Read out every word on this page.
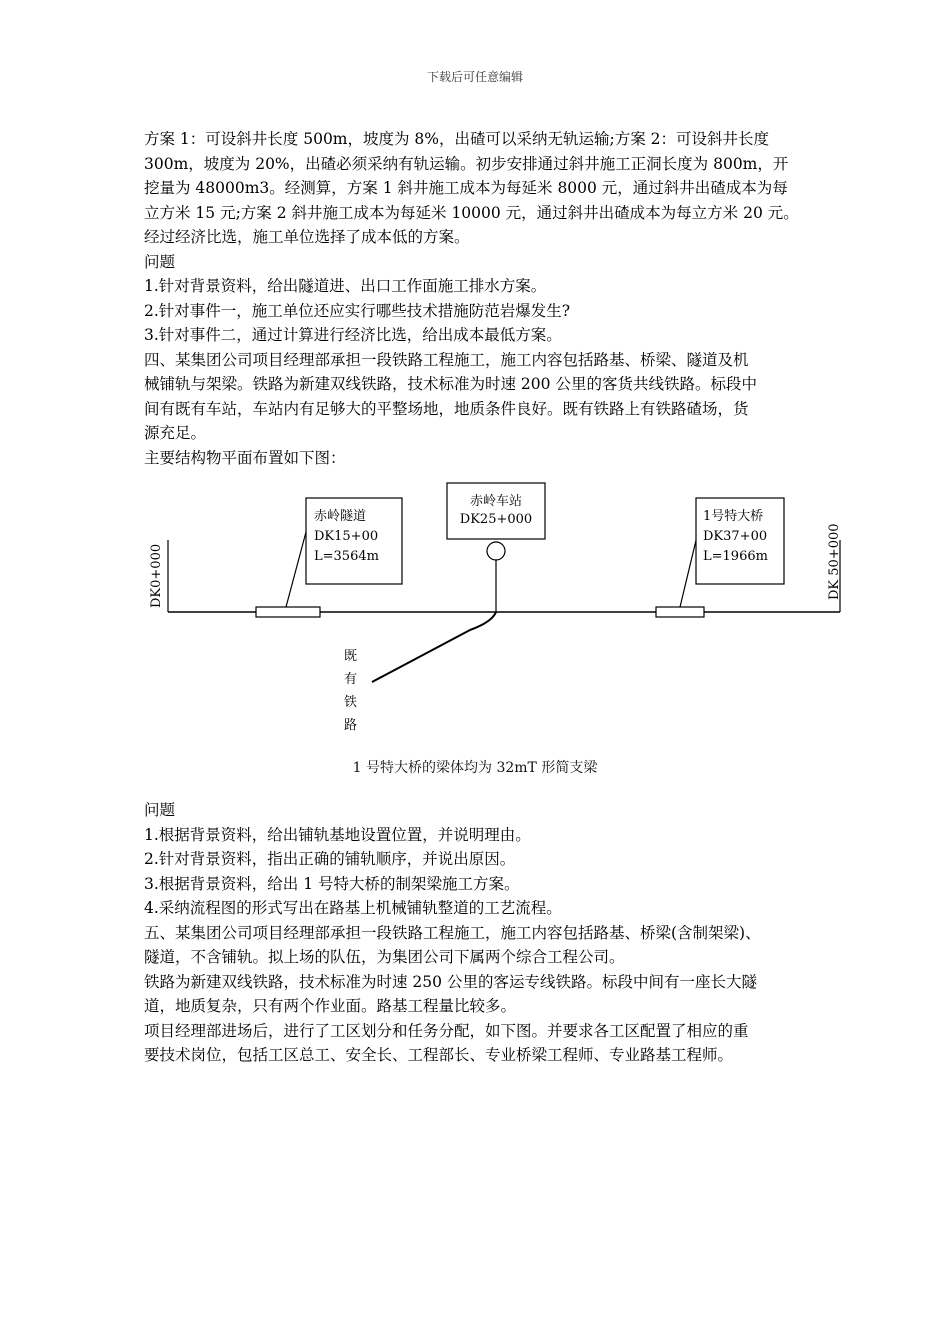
下载后可任意编辑

方案 1：可设斜井长度 500m，坡度为 8%，出碴可以采纳无轨运输;方案 2：可设斜井长度

300m，坡度为 20%，出碴必须采纳有轨运输。初步安排通过斜井施工正洞长度为 800m，开

挖量为 48000m3。经测算，方案 1 斜井施工成本为每延米 8000 元，通过斜井出碴成本为每

立方米 15 元;方案 2 斜井施工成本为每延米 10000 元，通过斜井出碴成本为每立方米 20 元。

经过经济比选，施工单位选择了成本低的方案。

问题

1.针对背景资料，给出隧道进、出口工作面施工排水方案。

2.针对事件一，施工单位还应实行哪些技术措施防范岩爆发生?

3.针对事件二，通过计算进行经济比选，给出成本最低方案。

四、某集团公司项目经理部承担一段铁路工程施工，施工内容包括路基、桥梁、隧道及机

械铺轨与架梁。铁路为新建双线铁路，技术标准为时速 200 公里的客货共线铁路。标段中

间有既有车站，车站内有足够大的平整场地，地质条件良好。既有铁路上有铁路碴场，货

源充足。

主要结构物平面布置如下图：

DK0+000	DK 50+000
赤岭隧道
DK15+00
L=3564m
赤岭车站
DK25+000
既
有
铁
路
1号特大桥
DK37+00
L=1966m
1 号特大桥的梁体均为 32mT 形简支梁

问题

1.根据背景资料，给出铺轨基地设置位置，并说明理由。

2.针对背景资料，指出正确的铺轨顺序，并说出原因。

3.根据背景资料，给出 1 号特大桥的制架梁施工方案。

4.采纳流程图的形式写出在路基上机械铺轨整道的工艺流程。

五、某集团公司项目经理部承担一段铁路工程施工，施工内容包括路基、桥梁(含制架梁)、

隧道，不含铺轨。拟上场的队伍，为集团公司下属两个综合工程公司。

铁路为新建双线铁路，技术标准为时速 250 公里的客运专线铁路。标段中间有一座长大隧

道，地质复杂，只有两个作业面。路基工程量比较多。

项目经理部进场后，进行了工区划分和任务分配，如下图。并要求各工区配置了相应的重

要技术岗位，包括工区总工、安全长、工程部长、专业桥梁工程师、专业路基工程师。
